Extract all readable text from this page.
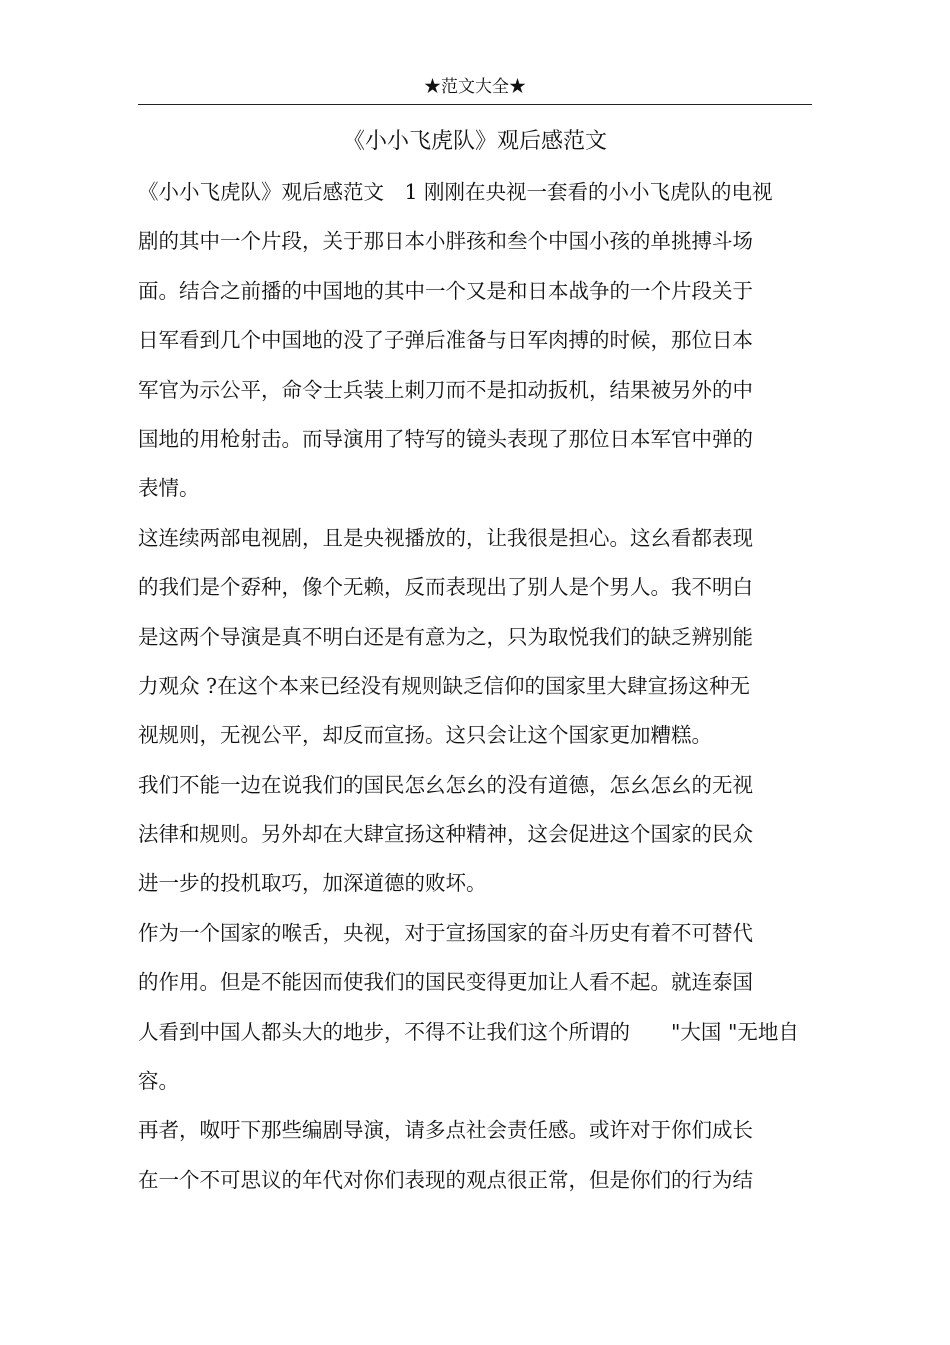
★范文大全★
《小小飞虎队》观后感范文
《小小飞虎队》观后感范文　1 刚刚在央视一套看的小小飞虎队的电视
剧的其中一个片段，关于那日本小胖孩和叁个中国小孩的单挑搏斗场
面。结合之前播的中国地的其中一个又是和日本战争的一个片段关于
日军看到几个中国地的没了子弹后准备与日军肉搏的时候，那位日本
军官为示公平，命令士兵装上刺刀而不是扣动扳机，结果被另外的中
国地的用枪射击。而导演用了特写的镜头表现了那位日本军官中弹的
表情。
这连续两部电视剧，且是央视播放的，让我很是担心。这幺看都表现
的我们是个孬种，像个无赖，反而表现出了别人是个男人。我不明白
是这两个导演是真不明白还是有意为之，只为取悦我们的缺乏辨别能
力观众 ?在这个本来已经没有规则缺乏信仰的国家里大肆宣扬这种无
视规则，无视公平，却反而宣扬。这只会让这个国家更加糟糕。
我们不能一边在说我们的国民怎幺怎幺的没有道德，怎幺怎幺的无视
法律和规则。另外却在大肆宣扬这种精神，这会促进这个国家的民众
进一步的投机取巧，加深道德的败坏。
作为一个国家的喉舌，央视，对于宣扬国家的奋斗历史有着不可替代
的作用。但是不能因而使我们的国民变得更加让人看不起。就连泰国
人看到中国人都头大的地步，不得不让我们这个所谓的　　"大国 "无地自
容。
再者，呶吁下那些编剧导演，请多点社会责任感。或许对于你们成长
在一个不可思议的年代对你们表现的观点很正常，但是你们的行为结
